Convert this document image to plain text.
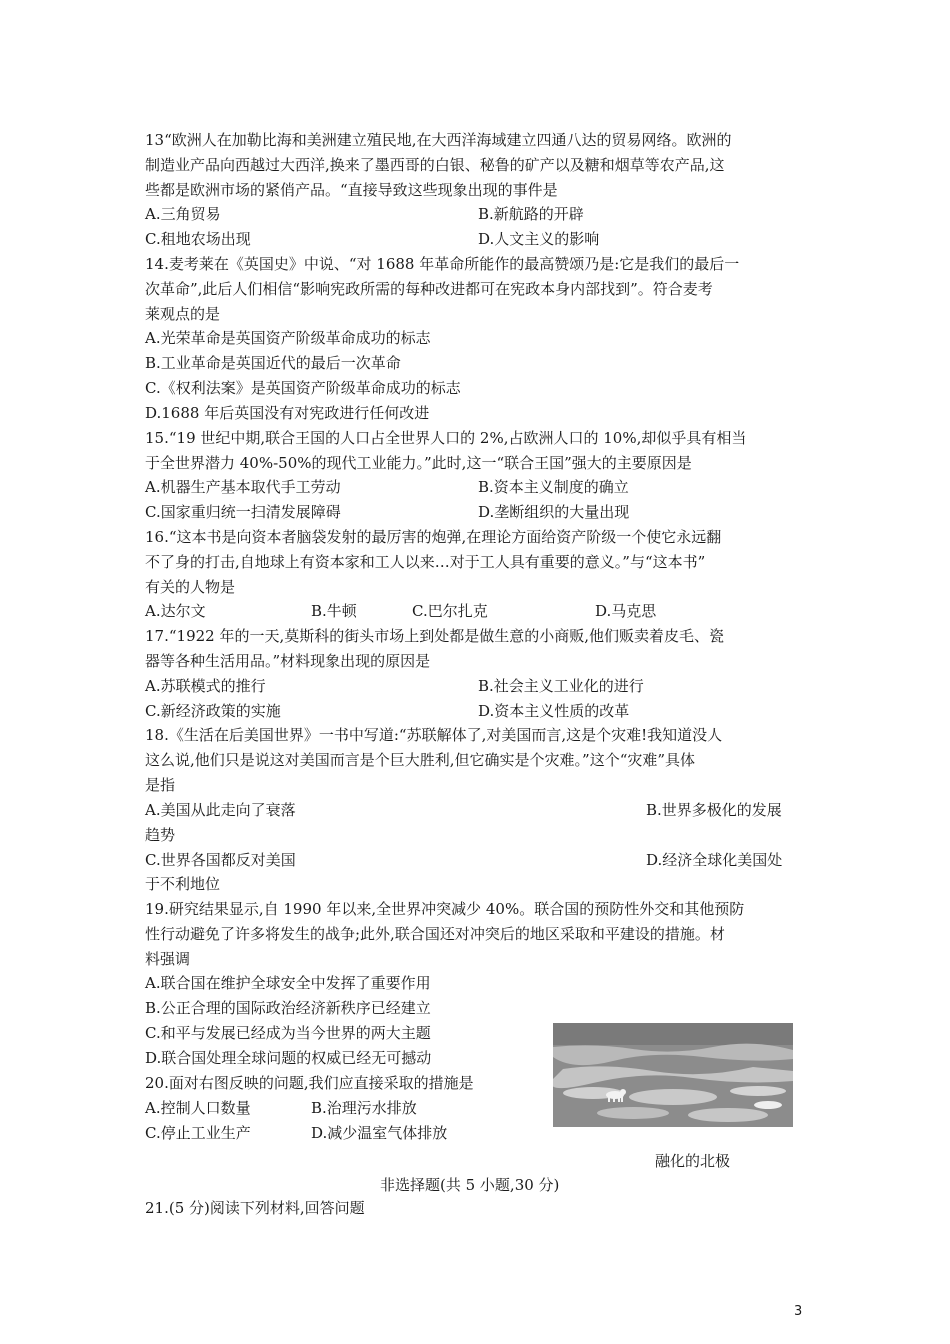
13“欧洲人在加勒比海和美洲建立殖民地,在大西洋海域建立四通八达的贸易网络。欧洲的
制造业产品向西越过大西洋,换来了墨西哥的白银、秘鲁的矿产以及糖和烟草等农产品,这
些都是欧洲市场的紧俏产品。“直接导致这些现象出现的事件是
A.三角贸易	B.新航路的开辟
C.租地农场出现	D.人文主义的影响
14.麦考莱在《英国史》中说、“对 1688 年革命所能作的最高赞颂乃是:它是我们的最后一
次革命”,此后人们相信“影响宪政所需的每种改进都可在宪政本身内部找到”。符合麦考
莱观点的是
A.光荣革命是英国资产阶级革命成功的标志
B.工业革命是英国近代的最后一次革命
C.《权利法案》是英国资产阶级革命成功的标志
D.1688 年后英国没有对宪政进行任何改进
15.“19 世纪中期,联合王国的人口占全世界人口的 2%,占欧洲人口的 10%,却似乎具有相当
于全世界潜力 40%-50%的现代工业能力。”此时,这一“联合王国”强大的主要原因是
A.机器生产基本取代手工劳动	B.资本主义制度的确立
C.国家重归统一扫清发展障碍	D.垄断组织的大量出现
16.“这本书是向资本者脑袋发射的最厉害的炮弹,在理论方面给资产阶级一个使它永远翻
不了身的打击,自地球上有资本家和工人以来…对于工人具有重要的意义。”与“这本书”
有关的人物是
A.达尔文	B.牛顿	C.巴尔扎克	D.马克思
17.“1922 年的一天,莫斯科的街头市场上到处都是做生意的小商贩,他们贩卖着皮毛、瓷
器等各种生活用品。”材料现象出现的原因是
A.苏联模式的推行	B.社会主义工业化的进行
C.新经济政策的实施	D.资本主义性质的改革
18.《生活在后美国世界》一书中写道:“苏联解体了,对美国而言,这是个灾难!我知道没人
这么说,他们只是说这对美国而言是个巨大胜利,但它确实是个灾难。”这个“灾难”具体
是指
A.美国从此走向了衰落	B.世界多极化的发展
趋势
C.世界各国都反对美国	D.经济全球化美国处
于不利地位
19.研究结果显示,自 1990 年以来,全世界冲突减少 40%。联合国的预防性外交和其他预防
性行动避免了许多将发生的战争;此外,联合国还对冲突后的地区采取和平建设的措施。材
料强调
A.联合国在维护全球安全中发挥了重要作用
B.公正合理的国际政治经济新秩序已经建立
C.和平与发展已经成为当今世界的两大主题
D.联合国处理全球问题的权威已经无可撼动
20.面对右图反映的问题,我们应直接采取的措施是
A.控制人口数量	B.治理污水排放
C.停止工业生产	D.减少温室气体排放
融化的北极
非选择题(共 5 小题,30 分)
21.(5 分)阅读下列材料,回答问题
3
